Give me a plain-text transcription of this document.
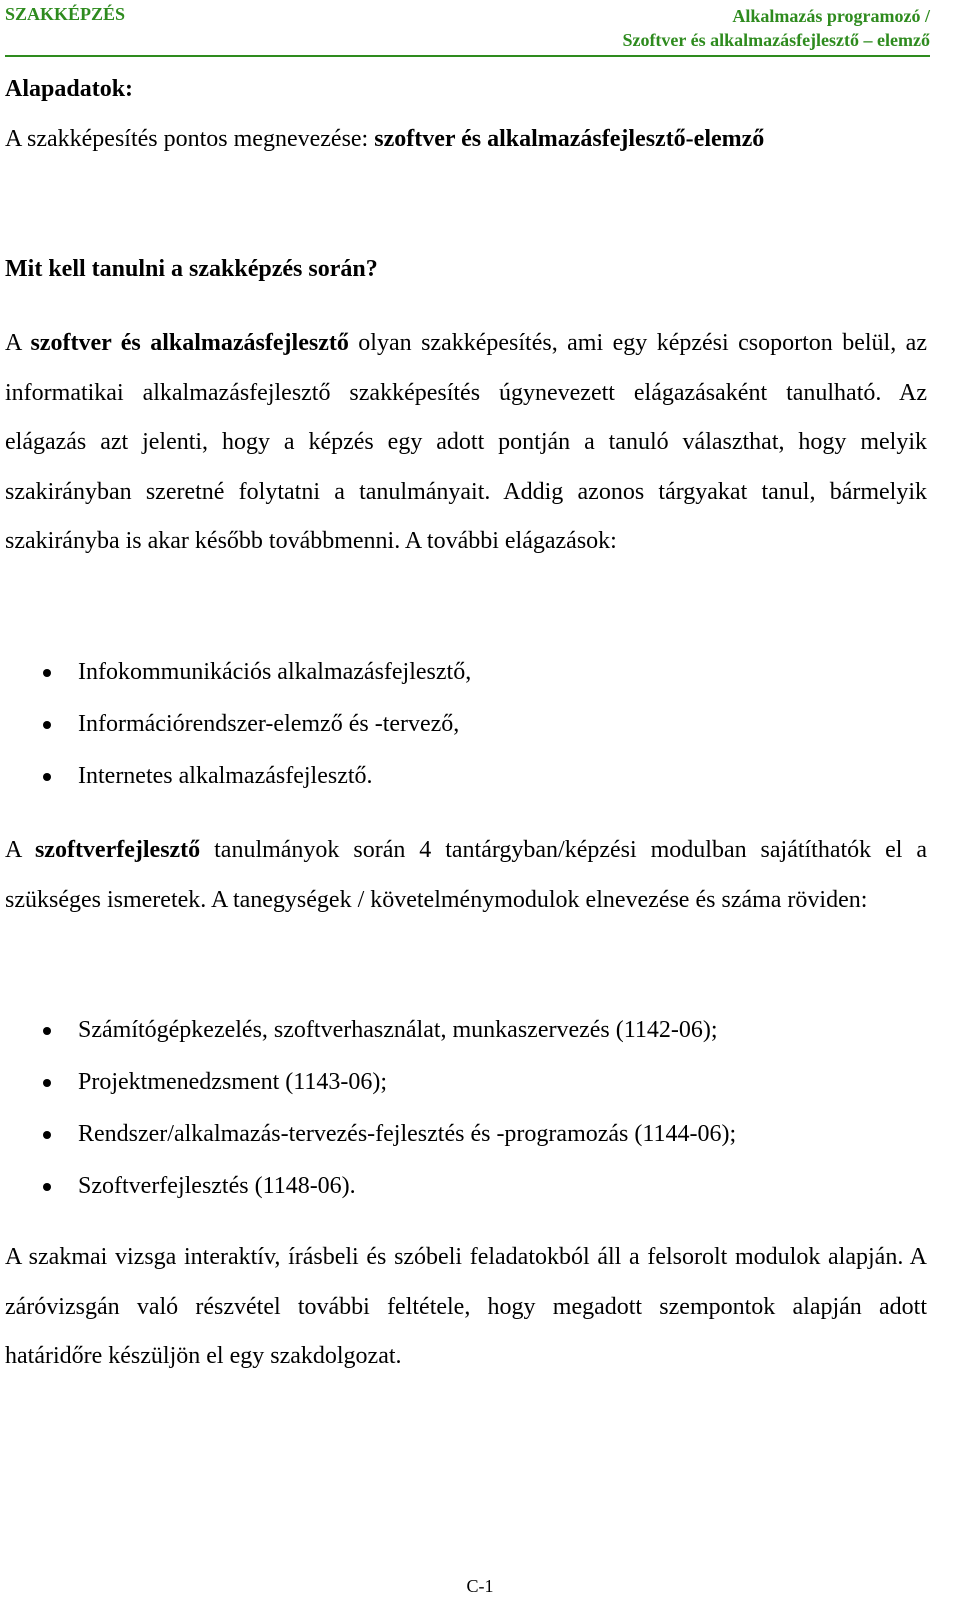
SZAKKÉPZÉS	Alkalmazás programozó /
Szoftver és alkalmazásfejlesztő – elemző
Alapadatok:
A szakképesítés pontos megnevezése: szoftver és alkalmazásfejlesztő-elemző
Mit kell tanulni a szakképzés során?
A szoftver és alkalmazásfejlesztő olyan szakképesítés, ami egy képzési csoporton belül, az informatikai alkalmazásfejlesztő szakképesítés úgynevezett elágazásaként tanulható. Az elágazás azt jelenti, hogy a képzés egy adott pontján a tanuló választhat, hogy melyik szakirányban szeretné folytatni a tanulmányait. Addig azonos tárgyakat tanul, bármelyik szakirányba is akar később továbbmenni. A további elágazások:
Infokommunikációs alkalmazásfejlesztő,
Információrendszer-elemző és -tervező,
Internetes alkalmazásfejlesztő.
A szoftverfejlesztő tanulmányok során 4 tantárgyban/képzési modulban sajátíthatók el a szükséges ismeretek. A tanegységek / követelménymodulok elnevezése és száma röviden:
Számítógépkezelés, szoftverhasználat, munkaszervezés (1142-06);
Projektmenedzsment (1143-06);
Rendszer/alkalmazás-tervezés-fejlesztés és -programozás (1144-06);
Szoftverfejlesztés (1148-06).
A szakmai vizsga interaktív, írásbeli és szóbeli feladatokból áll a felsorolt modulok alapján. A záróvizsgán való részvétel további feltétele, hogy megadott szempontok alapján adott határidőre készüljön el egy szakdolgozat.
C-1
